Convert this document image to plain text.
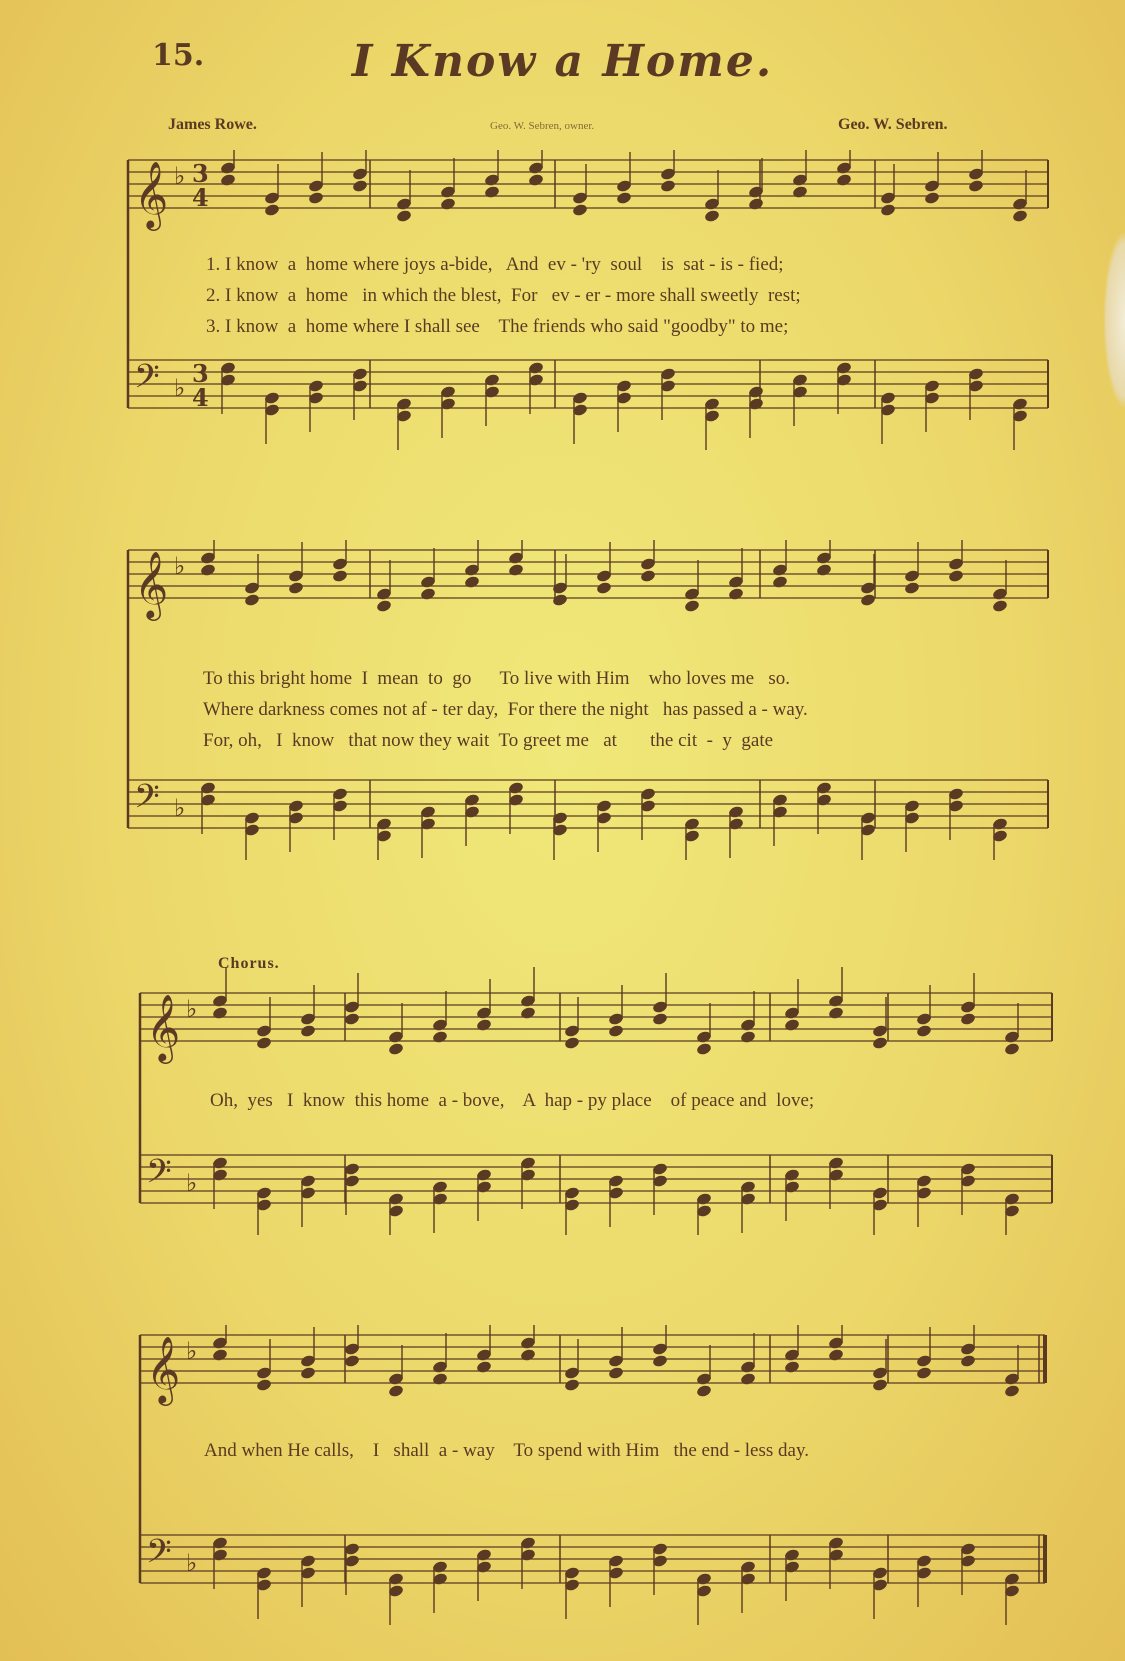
15.	I Know a Home.
James Rowe.	Geo. W. Sebren, owner.	Geo. W. Sebren.
𝄞 ♭ 3
4
𝄢 ♭ 3
4
1. I know  a  home where joys a-bide,   And  ev - 'ry  soul    is  sat - is - fied;
2. I know  a  home   in which the blest,  For   ev - er - more shall sweetly  rest;
3. I know  a  home where I shall see    The friends who said "goodby" to me;
𝄞 ♭
𝄢 ♭
To this bright home  I  mean  to  go      To live with Him    who loves me   so.
Where darkness comes not af - ter day,  For there the night   has passed a - way.
For, oh,   I  know   that now they wait  To greet me   at       the cit  -  y  gate
𝄞 ♭
𝄢 ♭
Chorus.
Oh,  yes   I  know  this home  a - bove,    A  hap - py place    of peace and  love;
𝄞 ♭
𝄢 ♭
And when He calls,    I   shall  a - way    To spend with Him   the end - less day.
